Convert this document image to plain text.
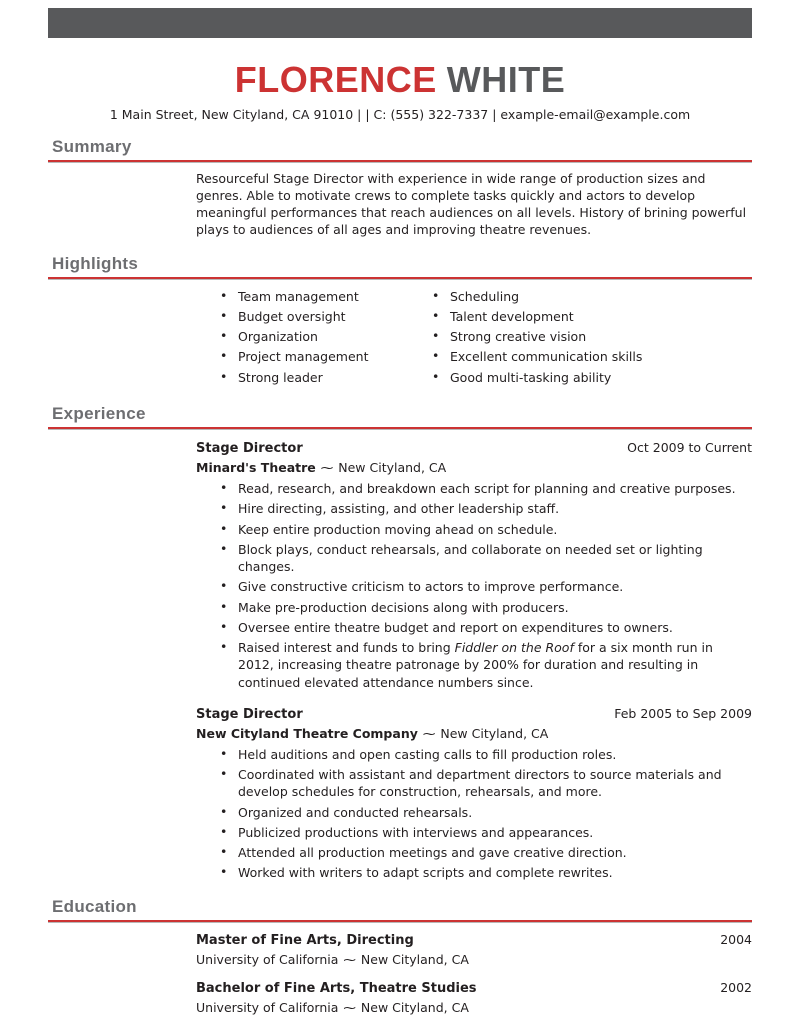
FLORENCE WHITE
1 Main Street, New Cityland, CA 91010 | | C: (555) 322-7337 | example-email@example.com
Summary

Resourceful Stage Director with experience in wide range of production sizes and genres. Able to motivate crews to complete tasks quickly and actors to develop meaningful performances that reach audiences on all levels. History of brining powerful plays to audiences of all ages and improving theatre revenues.

Highlights
• Team management
• Budget oversight
• Organization
• Project management
• Strong leader
• Scheduling
• Talent development
• Strong creative vision
• Excellent communication skills
• Good multi-tasking ability
Experience
Stage Director	Oct 2009 to Current
Minard's Theatre ⁓ New Cityland, CA
• Read, research, and breakdown each script for planning and creative purposes.
• Hire directing, assisting, and other leadership staff.
• Keep entire production moving ahead on schedule.
• Block plays, conduct rehearsals, and collaborate on needed set or lighting changes.
• Give constructive criticism to actors to improve performance.
• Make pre-production decisions along with producers.
• Oversee entire theatre budget and report on expenditures to owners.
• Raised interest and funds to bring Fiddler on the Roof for a six month run in 2012, increasing theatre patronage by 200% for duration and resulting in continued elevated attendance numbers since.
Stage Director	Feb 2005 to Sep 2009
New Cityland Theatre Company ⁓ New Cityland, CA
• Held auditions and open casting calls to fill production roles.
• Coordinated with assistant and department directors to source materials and develop schedules for construction, rehearsals, and more.
• Organized and conducted rehearsals.
• Publicized productions with interviews and appearances.
• Attended all production meetings and gave creative direction.
• Worked with writers to adapt scripts and complete rewrites.
Education
Master of Fine Arts, Directing	2004
University of California ⁓ New Cityland, CA
Bachelor of Fine Arts, Theatre Studies	2002
University of California ⁓ New Cityland, CA
